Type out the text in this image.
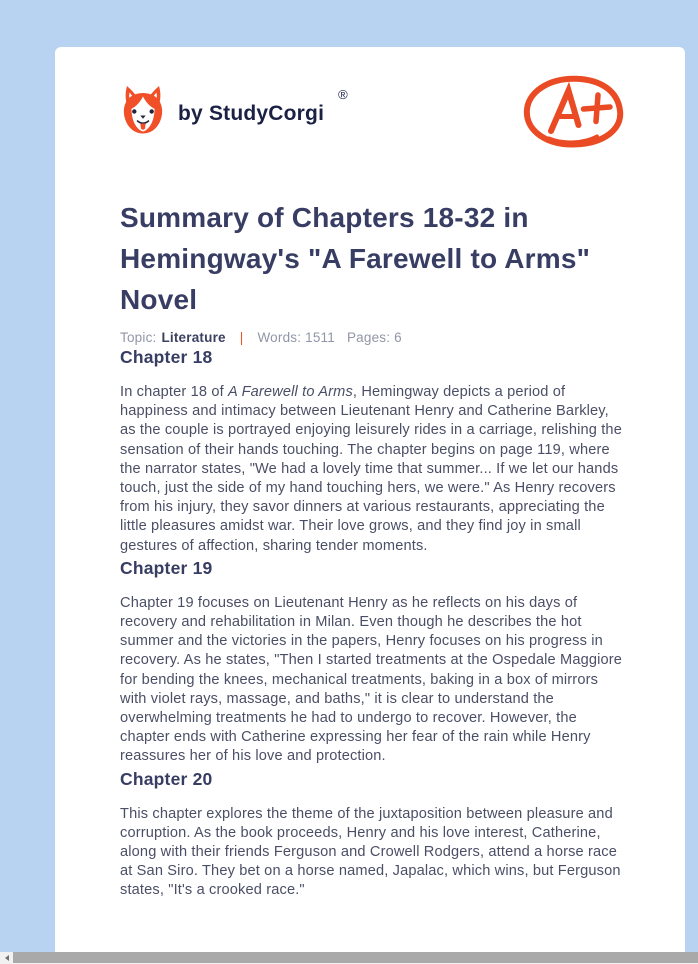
by StudyCorgi
®
Summary of Chapters 18-32 in Hemingway's "A Farewell to Arms" Novel
Topic: Literature | Words: 1511 Pages: 6
Chapter 18

In chapter 18 of A Farewell to Arms, Hemingway depicts a period of happiness and intimacy between Lieutenant Henry and Catherine Barkley, as the couple is portrayed enjoying leisurely rides in a carriage, relishing the sensation of their hands touching. The chapter begins on page 119, where the narrator states, "We had a lovely time that summer... If we let our hands touch, just the side of my hand touching hers, we were." As Henry recovers from his injury, they savor dinners at various restaurants, appreciating the little pleasures amidst war. Their love grows, and they find joy in small gestures of affection, sharing tender moments.

Chapter 19

Chapter 19 focuses on Lieutenant Henry as he reflects on his days of recovery and rehabilitation in Milan. Even though he describes the hot summer and the victories in the papers, Henry focuses on his progress in recovery. As he states, "Then I started treatments at the Ospedale Maggiore for bending the knees, mechanical treatments, baking in a box of mirrors with violet rays, massage, and baths," it is clear to understand the overwhelming treatments he had to undergo to recover. However, the chapter ends with Catherine expressing her fear of the rain while Henry reassures her of his love and protection.

Chapter 20

This chapter explores the theme of the juxtaposition between pleasure and corruption. As the book proceeds, Henry and his love interest, Catherine, along with their friends Ferguson and Crowell Rodgers, attend a horse race at San Siro. They bet on a horse named, Japalac, which wins, but Ferguson states, "It's a crooked race."
